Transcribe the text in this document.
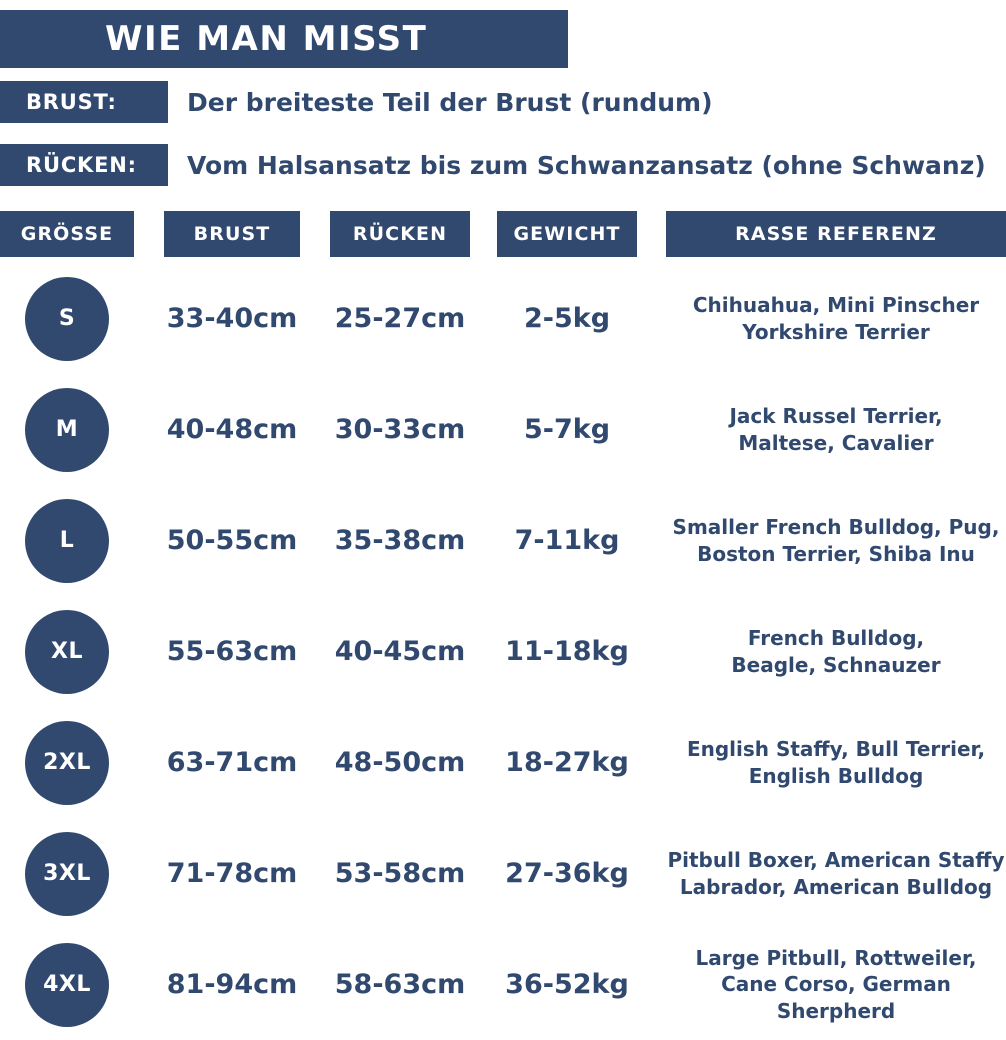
WIE MAN MISST
BRUST:	Der breiteste Teil der Brust (rundum)
RÜCKEN:	Vom Halsansatz bis zum Schwanzansatz (ohne Schwanz)
GRÖSSE	BRUST	RÜCKEN	GEWICHT	RASSE REFERENZ
S	33-40cm 25-27cm 2-5kg	Chihuahua, Mini Pinscher
Yorkshire Terrier
M	40-48cm 30-33cm 5-7kg	Jack Russel Terrier,
Maltese, Cavalier
L	50-55cm 35-38cm 7-11kg	Smaller French Bulldog, Pug,
Boston Terrier, Shiba Inu
XL	55-63cm 40-45cm 11-18kg	French Bulldog,
Beagle, Schnauzer
2XL	63-71cm 48-50cm 18-27kg	English Staffy, Bull Terrier,
English Bulldog
3XL	71-78cm 53-58cm 27-36kg Pitbull Boxer, American Staffy
Labrador, American Bulldog
4XL	81-94cm 58-63cm 36-52kg
Large Pitbull, Rottweiler,
Cane Corso, German Sherpherd
